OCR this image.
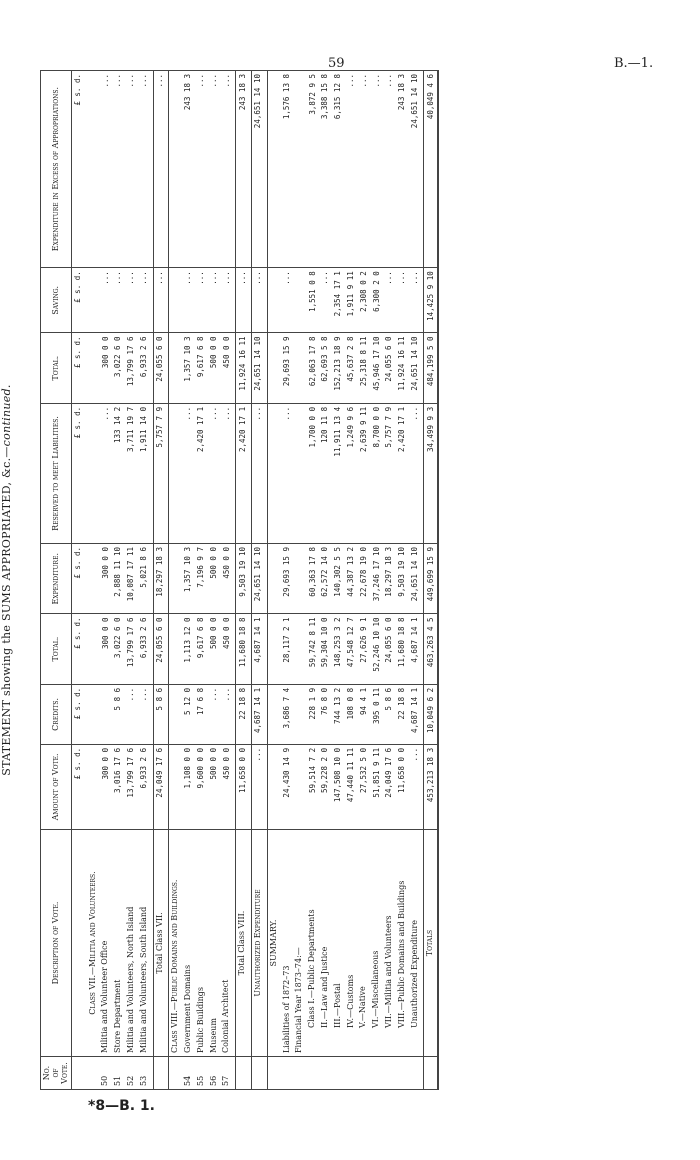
59	B.—1.
STATEMENT showing the SUMS APPROPRIATED, &c.—continued.
No. of Vote.	Description of Vote.	Amount of Vote.	Credits.	Total.	Expenditure.	Reserved to meet Liabilities.	Total.	Saving.	Expenditure in Excess of Appropriations.
		£ s. d.	£ s. d.	£ s. d.	£ s. d.	£ s. d.	£ s. d.	£ s. d.	£ s. d.

	Class VII.—Militia and Volunteers.								
50	Militia and Volunteer Office	300 0 0		300 0 0	300 0 0	...	300 0 0	...	...
51	Store Department	3,016 17 6	5 8 6	3,022 6 0	2,888 11 10	133 14 2	3,022 6 0	...	...
52	Militia and Volunteers, North Island	13,799 17 6	...	13,799 17 6	10,087 17 11	3,711 19 7	13,799 17 6	...	...
53	Militia and Volunteers, South Island	6,933 2 6	...	6,933 2 6	5,021 8 6	1,911 14 0	6,933 2 6	...	...

	Total Class VII.	24,049 17 6	5 8 6	24,055 6 0	18,297 18 3	5,757 7 9	24,055 6 0	...	...

	Class VIII.—Public Domains and Buildings.								
54	Government Domains	1,108 0 0	5 12 0	1,113 12 0	1,357 10 3	...	1,357 10 3	...	243 18 3
55	Public Buildings	9,600 0 0	17 6 8	9,617 6 8	7,196 9 7	2,420 17 1	9,617 6 8	...	...
56	Museum	500 0 0	...	500 0 0	500 0 0	...	500 0 0	...	...
57	Colonial Architect	450 0 0	...	450 0 0	450 0 0	...	450 0 0	...	...

	Total Class VIII.	11,658 0 0	22 18 8	11,680 18 8	9,503 19 10	2,420 17 1	11,924 16 11	...	243 18 3

	Unauthorized Expenditure	...	4,687 14 1	4,687 14 1	24,651 14 10	...	24,651 14 10	...	24,651 14 10

	SUMMARY.								
	Liabilities of 1872–73	24,430 14 9	3,686 7 4	28,117 2 1	29,693 15 9	...	29,693 15 9	...	1,576 13 8
	Financial Year 1873–74:—								
	Class I.—Public Departments	59,514 7 2	228 1 9	59,742 8 11	60,363 17 8	1,700 0 0	62,063 17 8	1,551 0 8	3,872 9 5
	II.—Law and Justice	59,228 2 0	76 8 0	59,304 10 0	62,572 14 0	120 11 8	62,693 5 8	...	3,388 15 8
	III.—Postal	147,508 10 0	744 13 2	148,253 3 2	140,302 5 5	11,911 13 4	152,213 18 9	2,354 17 1	6,315 12 8
	IV.—Customs	47,440 11 11	108 0 8	47,548 12 7	44,387 13 2	1,249 9 6	45,637 2 8	1,911 9 11	...
	V.—Native	27,532 5 0	94 4 1	27,626 9 1	22,678 19 0	2,639 9 11	25,318 8 11	2,308 0 2	...
	VI.—Miscellaneous	51,851 9 11	395 0 11	52,246 10 10	37,246 17 10	8,700 0 0	45,946 17 10	6,300 2 0	...
	VII.—Militia and Volunteers	24,049 17 6	5 8 6	24,055 6 0	18,297 18 3	5,757 7 9	24,055 6 0	...	...
	VIII.—Public Domains and Buildings	11,658 0 0	22 18 8	11,680 18 8	9,503 19 10	2,420 17 1	11,924 16 11	...	243 18 3
	Unauthorized Expenditure	...	4,687 14 1	4,687 14 1	24,651 14 10	...	24,651 14 10	...	24,651 14 10

	Totals	453,213 18 3	10,049 6 2	463,263 4 5	449,699 15 9	34,499 9 3	484,199 5 0	14,425 9 10	40,049 4 6
*8—B. 1.
